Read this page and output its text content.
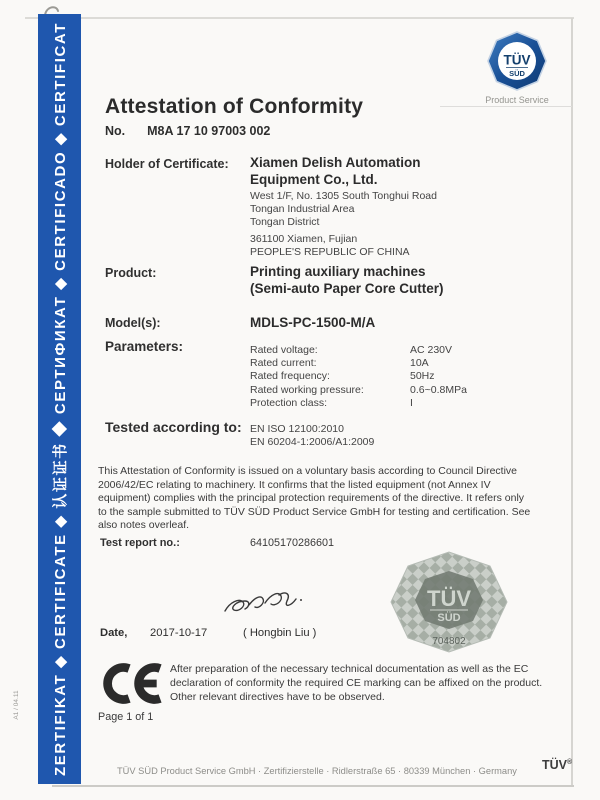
ZERTIFIKAT ◆ CERTIFICATE ◆ 认证证书 ◆ СЕРТИФИКАТ ◆ CERTIFICADO ◆ CERTIFICAT
A1 / 04.11
TÜV
SÜD
Product Service
Attestation of Conformity
No. M8A 17 10 97003 002
Holder of Certificate: Xiamen Delish Automation
Equipment Co., Ltd.
West 1/F, No. 1305 South Tonghui Road
Tongan Industrial Area
Tongan District
361100 Xiamen, Fujian
PEOPLE'S REPUBLIC OF CHINA
Product:	Printing auxiliary machines
(Semi-auto Paper Core Cutter)
Model(s):	MDLS-PC-1500-M/A
Parameters:	Rated voltage:	AC 230V
Rated current:	10A
Rated frequency:	50Hz
Rated working pressure:	0.6~0.8MPa
Protection class:	I
Tested according to: EN ISO 12100:2010
EN 60204-1:2006/A1:2009
This Attestation of Conformity is issued on a voluntary basis according to Council Directive 2006/42/EC relating to machinery. It confirms that the listed equipment (not Annex IV equipment) complies with the principal protection requirements of the directive. It refers only to the sample submitted to TÜV SÜD Product Service GmbH for testing and certification. See also notes overleaf.
Test report no.:	64105170286601
TÜV
SÜD
704802
Date, 2017-10-17	( Hongbin Liu )
After preparation of the necessary technical documentation as well as the EC declaration of conformity the required CE marking can be affixed on the product. Other relevant directives have to be observed.
Page 1 of 1
TÜV SÜD Product Service GmbH · Zertifizierstelle · Ridlerstraße 65 · 80339 München · Germany TÜV®
